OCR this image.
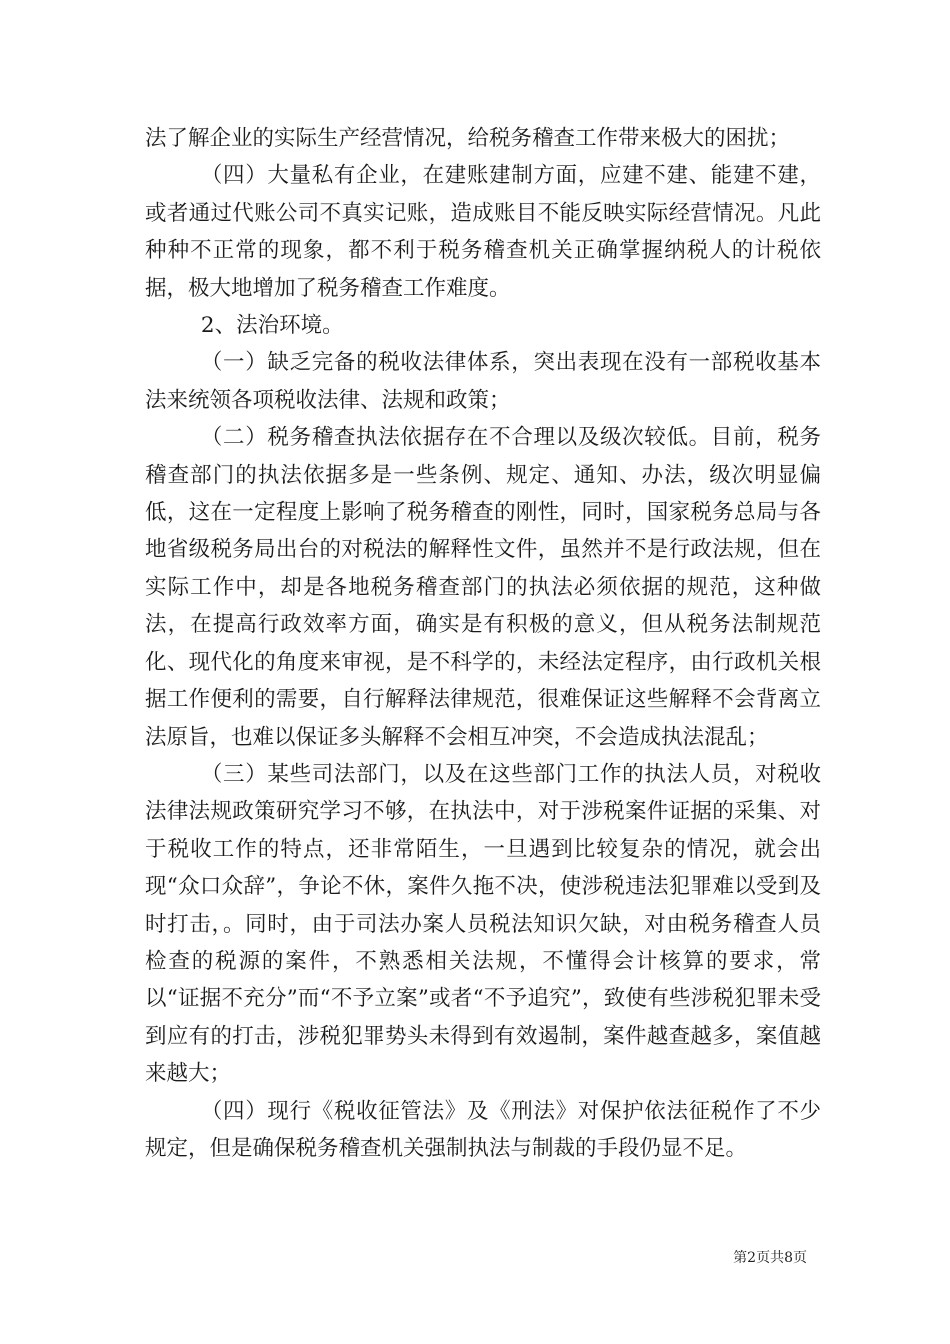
法了解企业的实际生产经营情况，给税务稽查工作带来极大的困扰；

（四）大量私有企业，在建账建制方面，应建不建、能建不建，或者通过代账公司不真实记账，造成账目不能反映实际经营情况。凡此种种不正常的现象，都不利于税务稽查机关正确掌握纳税人的计税依据，极大地增加了税务稽查工作难度。

2、法治环境。

（一）缺乏完备的税收法律体系，突出表现在没有一部税收基本法来统领各项税收法律、法规和政策；

（二）税务稽查执法依据存在不合理以及级次较低。目前，税务稽查部门的执法依据多是一些条例、规定、通知、办法，级次明显偏低，这在一定程度上影响了税务稽查的刚性，同时，国家税务总局与各地省级税务局出台的对税法的解释性文件，虽然并不是行政法规，但在实际工作中，却是各地税务稽查部门的执法必须依据的规范，这种做法，在提高行政效率方面，确实是有积极的意义，但从税务法制规范化、现代化的角度来审视，是不科学的，未经法定程序，由行政机关根据工作便利的需要，自行解释法律规范，很难保证这些解释不会背离立法原旨，也难以保证多头解释不会相互冲突，不会造成执法混乱；

（三）某些司法部门，以及在这些部门工作的执法人员，对税收法律法规政策研究学习不够，在执法中，对于涉税案件证据的采集、对于税收工作的特点，还非常陌生，一旦遇到比较复杂的情况，就会出现“众口众辞”，争论不休，案件久拖不决，使涉税违法犯罪难以受到及时打击，。同时，由于司法办案人员税法知识欠缺，对由税务稽查人员检查的税源的案件，不熟悉相关法规，不懂得会计核算的要求，常以“证据不充分”而“不予立案”或者“不予追究”，致使有些涉税犯罪未受到应有的打击，涉税犯罪势头未得到有效遏制，案件越查越多，案值越来越大；

（四）现行《税收征管法》及《刑法》对保护依法征税作了不少规定，但是确保税务稽查机关强制执法与制裁的手段仍显不足。

第2页共8页
